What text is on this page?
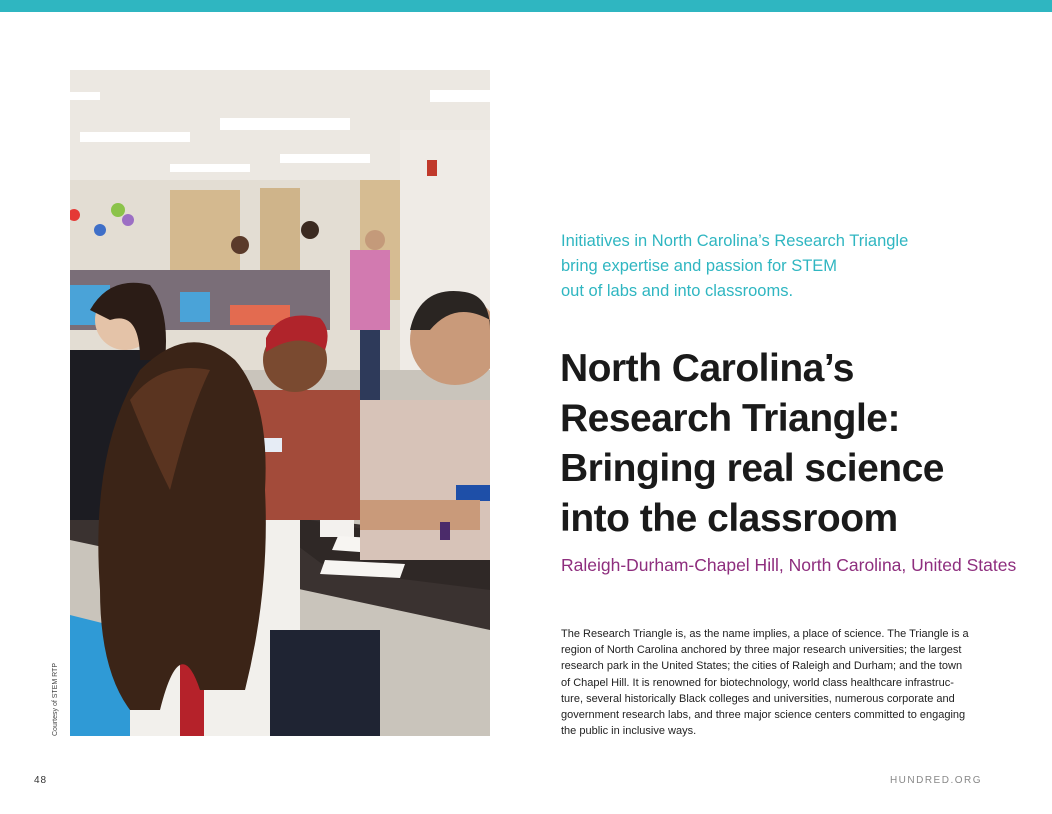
Courtesy of STEM RTP
Initiatives in North Carolina’s Research Triangle
bring expertise and passion for STEM
out of labs and into classrooms.
North Carolina’s
Research Triangle:
Bringing real science
into the classroom
Raleigh-Durham-Chapel Hill, North Carolina, United States
The Research Triangle is, as the name implies, a place of science. The Triangle is a
region of North Carolina anchored by three major research universities; the largest
research park in the United States; the cities of Raleigh and Durham; and the town
of Chapel Hill. It is renowned for biotechnology, world class healthcare infrastruc-
ture, several historically Black colleges and universities, numerous corporate and
government research labs, and three major science centers committed to engaging
the public in inclusive ways.
48	HUNDRED.ORG
